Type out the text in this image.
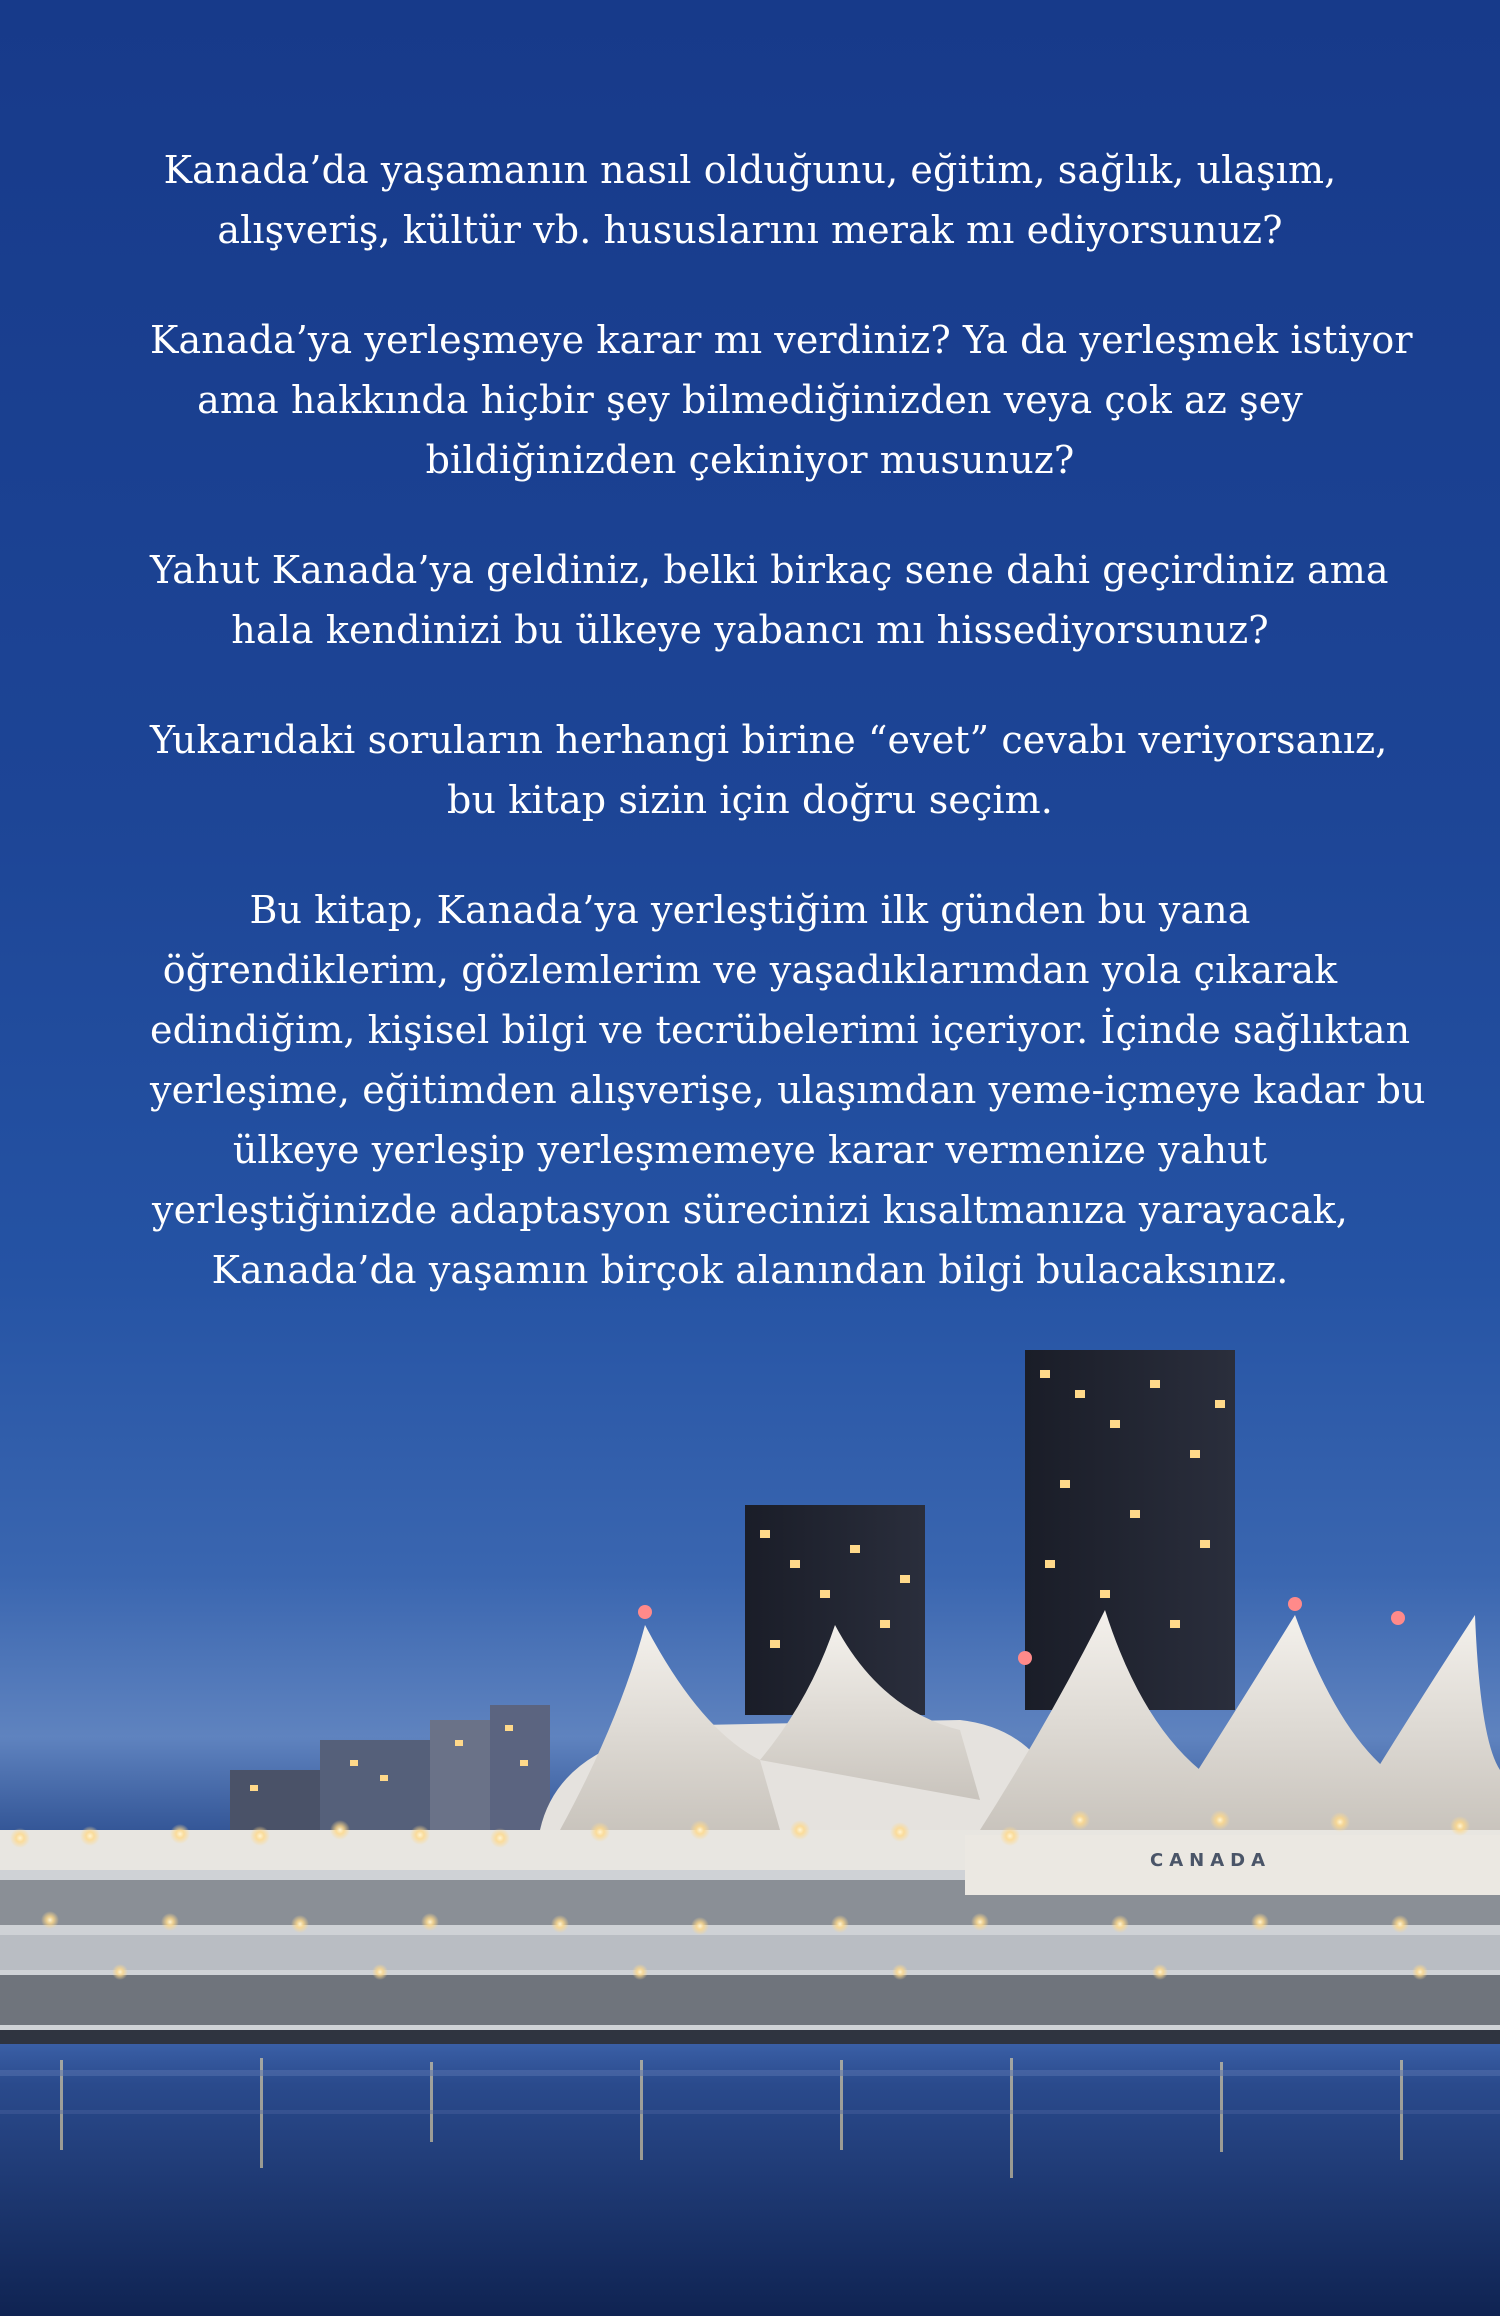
CANADA

Kanada’da yaşamanın nasıl olduğunu, eğitim, sağlık, ulaşım,
alışveriş, kültür vb. hususlarını merak mı ediyorsunuz?

Kanada’ya yerleşmeye karar mı verdiniz? Ya da yerleşmek istiyor
ama hakkında hiçbir şey bilmediğinizden veya çok az şey
bildiğinizden çekiniyor musunuz?

Yahut Kanada’ya geldiniz, belki birkaç sene dahi geçirdiniz ama
hala kendinizi bu ülkeye yabancı mı hissediyorsunuz?

Yukarıdaki soruların herhangi birine “evet” cevabı veriyorsanız,
bu kitap sizin için doğru seçim.

Bu kitap, Kanada’ya yerleştiğim ilk günden bu yana
öğrendiklerim, gözlemlerim ve yaşadıklarımdan yola çıkarak
edindiğim, kişisel bilgi ve tecrübelerimi içeriyor. İçinde sağlıktan
yerleşime, eğitimden alışverişe, ulaşımdan yeme-içmeye kadar bu
ülkeye yerleşip yerleşmemeye karar vermenize yahut
yerleştiğinizde adaptasyon sürecinizi kısaltmanıza yarayacak,
Kanada’da yaşamın birçok alanından bilgi bulacaksınız.
